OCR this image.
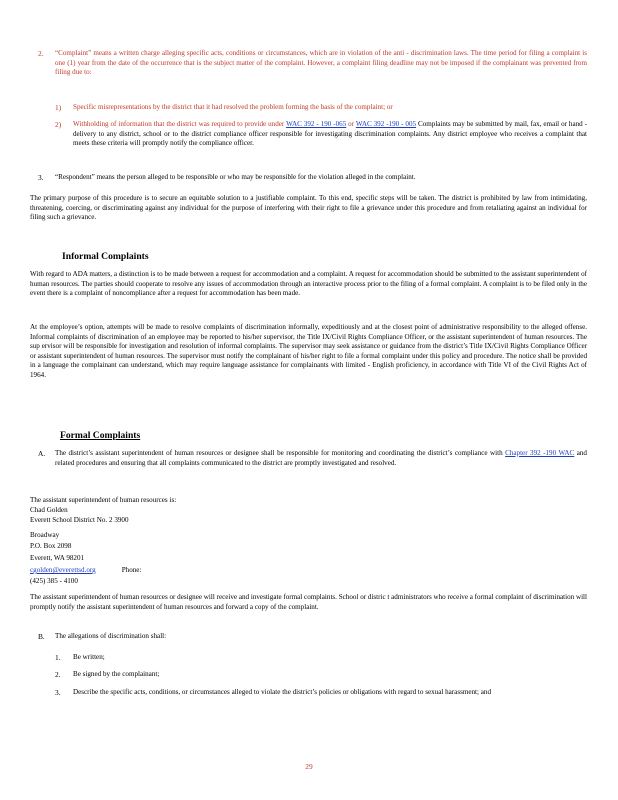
2. “Complaint” means a written charge alleging specific acts, conditions or circumstances, which are in violation of the anti - discrimination laws. The time period for filing a complaint is one (1) year from the date of the occurrence that is the subject matter of the complaint. However, a complaint filing deadline may not be imposed if the complainant was prevented from filing due to:
1) Specific misrepresentations by the district that it had resolved the problem forming the basis of the complaint; or
2) Withholding of information that the district was required to provide under WAC 392 - 190 -065 or WAC 392 -190 - 005 Complaints may be submitted by mail, fax, email or hand - delivery to any district, school or to the district compliance officer responsible for investigating discrimination complaints. Any district employee who receives a complaint that meets these criteria will promptly notify the compliance officer.
3. “Respondent” means the person alleged to be responsible or who may be responsible for the violation alleged in the complaint.
The primary purpose of this procedure is to secure an equitable solution to a justifiable complaint. To this end, specific steps will be taken. The district is prohibited by law from intimidating, threatening, coercing, or discriminating against any individual for the purpose of interfering with their right to file a grievance under this procedure and from retaliating against an individual for filing such a grievance.
Informal Complaints
With regard to ADA matters, a distinction is to be made between a request for accommodation and a complaint. A request for accommodation should be submitted to the assistant superintendent of human resources. The parties should cooperate to resolve any issues of accommodation through an interactive process prior to the filing of a formal complaint. A complaint is to be filed only in the event there is a complaint of noncompliance after a request for accommodation has been made.
At the employee’s option, attempts will be made to resolve complaints of discrimination informally, expeditiously and at the closest point of administrative responsibility to the alleged offense. Informal complaints of discrimination of an employee may be reported to his/her supervisor, the Title IX/Civil Rights Compliance Officer, or the assistant superintendent of human resources. The sup ervisor will be responsible for investigation and resolution of informal complaints. The supervisor may seek assistance or guidance from the district’s Title IX/Civil Rights Compliance Officer or assistant superintendent of human resources. The supervisor must notify the complainant of his/her right to file a formal complaint under this policy and procedure. The notice shall be provided in a language the complainant can understand, which may require language assistance for complainants with limited - English proficiency, in accordance with Title VI of the Civil Rights Act of 1964.
Formal Complaints
A. The district’s assistant superintendent of human resources or designee shall be responsible for monitoring and coordinating the district’s compliance with Chapter 392 -190 WAC and related procedures and ensuring that all complaints communicated to the district are promptly investigated and resolved.
The assistant superintendent of human resources is:
Chad Golden
Everett School District No. 2 3900
Broadway
P.O. Box 2098
Everett, WA 98201
cgolden@everettsd.org	Phone:
(425) 385 - 4100
The assistant superintendent of human resources or designee will receive and investigate formal complaints. School or distric t administrators who receive a formal complaint of discrimination will promptly notify the assistant superintendent of human resources and forward a copy of the complaint.
B. The allegations of discrimination shall:
1. Be written;
2. Be signed by the complainant;
3. Describe the specific acts, conditions, or circumstances alleged to violate the district’s policies or obligations with regard to sexual harassment; and
29
